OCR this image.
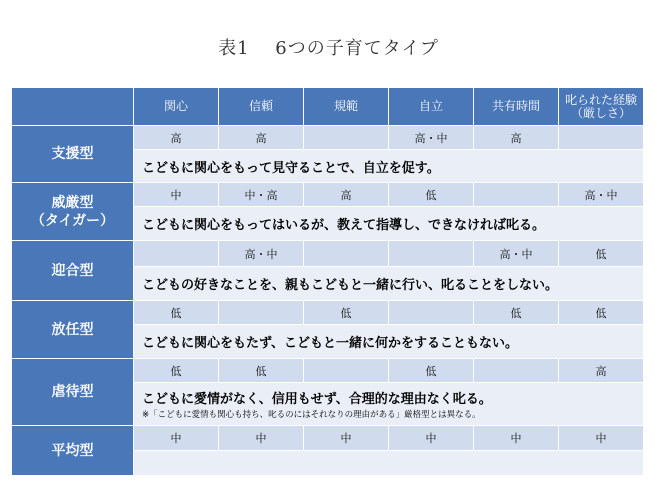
表1　 6つの子育てタイプ
	関心	信頼	規範	自立	共有時間	叱られた経験
（厳しさ）
支援型	高	高		高・中	高	
	こどもに関心をもって見守ることで、自立を促す。					
威厳型
（タイガー）	中	中・高	高	低		高・中
	こどもに関心をもってはいるが、教えて指導し、できなければ叱る。					
迎合型		高・中			高・中	低
	こどもの好きなことを、親もこどもと一緒に行い、叱ることをしない。					
放任型	低		低		低	低
	こどもに関心をもたず、こどもと一緒に何かをすることもない。					
虐待型	低	低		低		高
	こどもに愛情がなく、信用もせず、合理的な理由なく叱る。
※「こどもに愛情も関心も持ち、叱るのにはそれなりの理由がある」厳格型とは異なる。					

平均型	中	中	中	中	中	中
